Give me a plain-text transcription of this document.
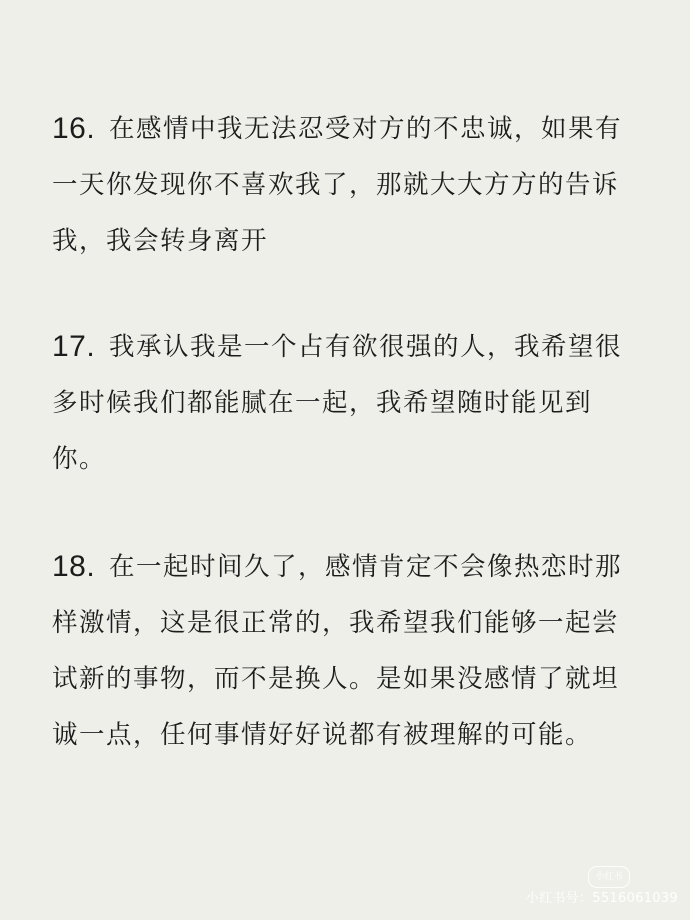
16. 在感情中我无法忍受对方的不忠诚，如果有一天你发现你不喜欢我了，那就大大方方的告诉我，我会转身离开

17. 我承认我是一个占有欲很强的人，我希望很多时候我们都能腻在一起，我希望随时能见到你。

18. 在一起时间久了，感情肯定不会像热恋时那样激情，这是很正常的，我希望我们能够一起尝试新的事物，而不是换人。是如果没感情了就坦诚一点，任何事情好好说都有被理解的可能。

小红书
小红书号：5516061039
